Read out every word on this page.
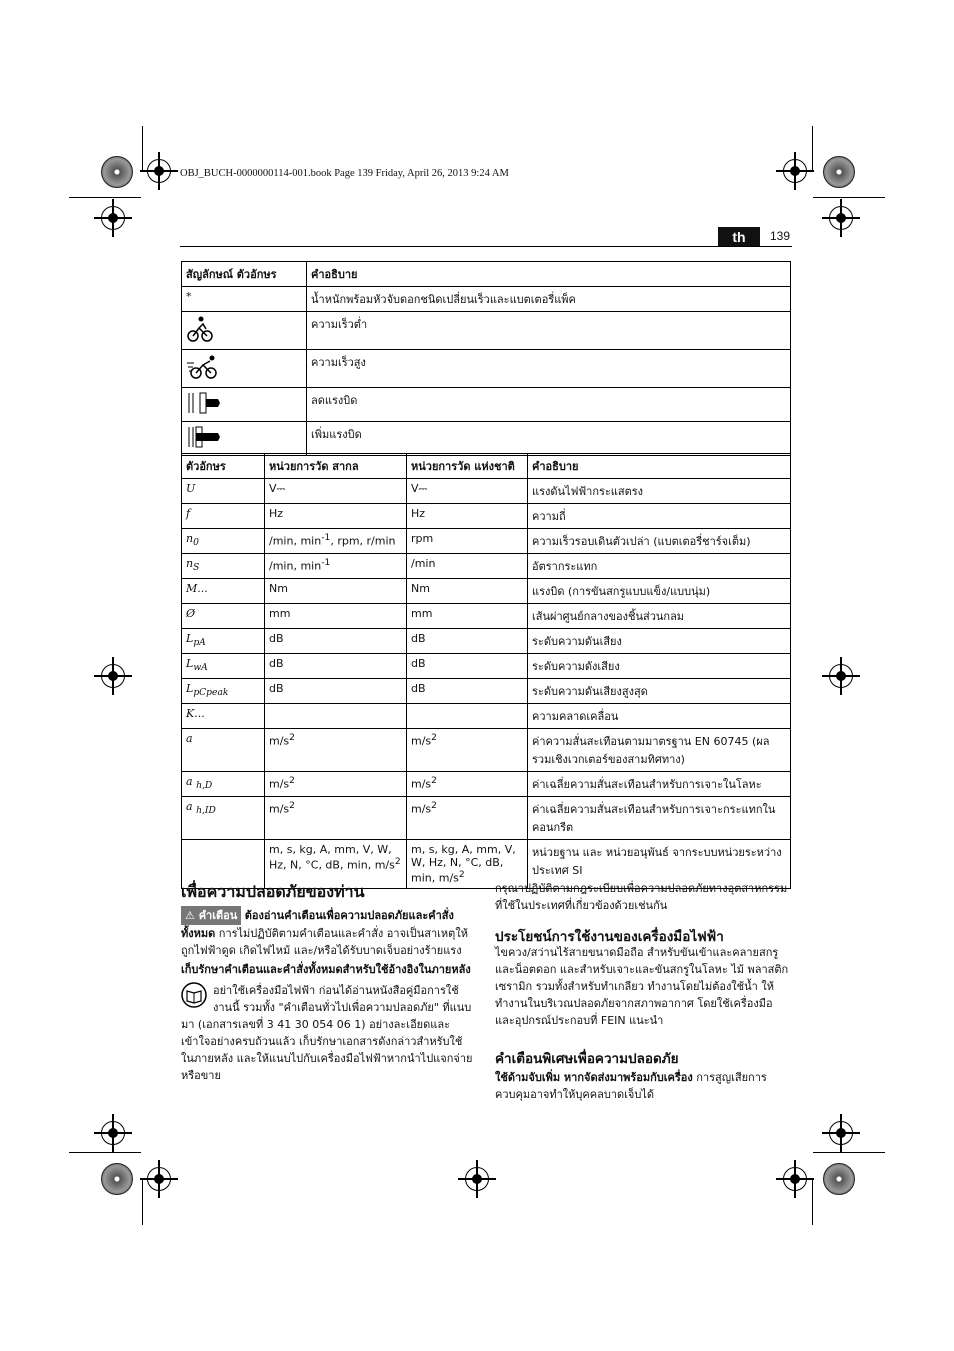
OBJ_BUCH-0000000114-001.book Page 139 Friday, April 26, 2013 9:24 AM
th	139
สัญลักษณ์ ตัวอักษร	คำอธิบาย
*	น้ำหนักพร้อมหัวจับดอกชนิดเปลี่ยนเร็วและแบตเตอรี่แพ็ค
	ความเร็วต่ำ
	ความเร็วสูง
	ลดแรงบิด
	เพิ่มแรงบิด
ตัวอักษร	หน่วยการวัด สากล	หน่วยการวัด แห่งชาติ	คำอธิบาย
U	V⎓	V⎓	แรงดันไฟฟ้ากระแสตรง
f	Hz	Hz	ความถี่
$n_0$	/min, $\min^{-1}$, rpm, r/min	rpm	ความเร็วรอบเดินตัวเปล่า (แบตเตอรี่ชาร์จเต็ม)
$n_S$	/min, $\min^{-1}$	/min	อัตรากระแทก
M...	Nm	Nm	แรงบิด (การขันสกรูแบบแข็ง/แบบนุ่ม)
Ø	mm	mm	เส้นผ่าศูนย์กลางของชิ้นส่วนกลม
$L_{pA}$	dB	dB	ระดับความดันเสียง
$L_{wA}$	dB	dB	ระดับความดังเสียง
$L_{pCpeak}$	dB	dB	ระดับความดันเสียงสูงสุด
K...			ความคลาดเคลื่อน
a	$m/s^2$	$m/s^2$	ค่าความสั่นสะเทือนตามมาตรฐาน EN 60745 (ผลรวมเชิงเวกเตอร์ของสามทิศทาง)
a $_{h,D}$	$m/s^2$	$m/s^2$	ค่าเฉลี่ยความสั่นสะเทือนสำหรับการเจาะในโลหะ
a $_{h,ID}$	$m/s^2$	$m/s^2$	ค่าเฉลี่ยความสั่นสะเทือนสำหรับการเจาะกระแทกในคอนกรีต
	m, s, kg, A, mm, V, W, Hz, N, °C, dB, min, $m/s^2$	m, s, kg, A, mm, V, W, Hz, N, °C, dB, min, $m/s^2$	หน่วยฐาน และ หน่วยอนุพันธ์ จากระบบหน่วยระหว่างประเทศ SI
เพื่อความปลอดภัยของท่าน
⚠ คำเตือน ต้องอ่านคำเตือนเพื่อความปลอดภัยและคำสั่งทั้งหมด การไม่ปฏิบัติตามคำเตือนและคำสั่ง อาจเป็นสาเหตุให้ถูกไฟฟ้าดูด เกิดไฟไหม้ และ/หรือได้รับบาดเจ็บอย่างร้ายแรง
เก็บรักษาคำเตือนและคำสั่งทั้งหมดสำหรับใช้อ้างอิงในภายหลัง
อย่าใช้เครื่องมือไฟฟ้า ก่อนได้อ่านหนังสือคู่มือการใช้งานนี้ รวมทั้ง "คำเตือนทั่วไปเพื่อความปลอดภัย" ที่แนบมา (เอกสารเลขที่ 3 41 30 054 06 1) อย่างละเอียดและเข้าใจอย่างครบถ้วนแล้ว เก็บรักษาเอกสารดังกล่าวสำหรับใช้ในภายหลัง และให้แนบไปกับเครื่องมือไฟฟ้าหากนำไปแจกจ่ายหรือขาย
กรุณาปฏิบัติตามกฎระเบียบเพื่อความปลอดภัยทางอุตสาหกรรมที่ใช้ในประเทศที่เกี่ยวข้องด้วยเช่นกัน
ประโยชน์การใช้งานของเครื่องมือไฟฟ้า
ไขควง/สว่านไร้สายขนาดมือถือ สำหรับขันเข้าและคลายสกรูและน็อตดอก และสำหรับเจาะและขันสกรูในโลหะ ไม้ พลาสติก เซรามิก รวมทั้งสำหรับทำเกลียว ทำงานโดยไม่ต้องใช้น้ำ ให้ทำงานในบริเวณปลอดภัยจากสภาพอากาศ โดยใช้เครื่องมือและอุปกรณ์ประกอบที่ FEIN แนะนำ
คำเตือนพิเศษเพื่อความปลอดภัย
ใช้ด้ามจับเพิ่ม หากจัดส่งมาพร้อมกับเครื่อง การสูญเสียการควบคุมอาจทำให้บุคคลบาดเจ็บได้
